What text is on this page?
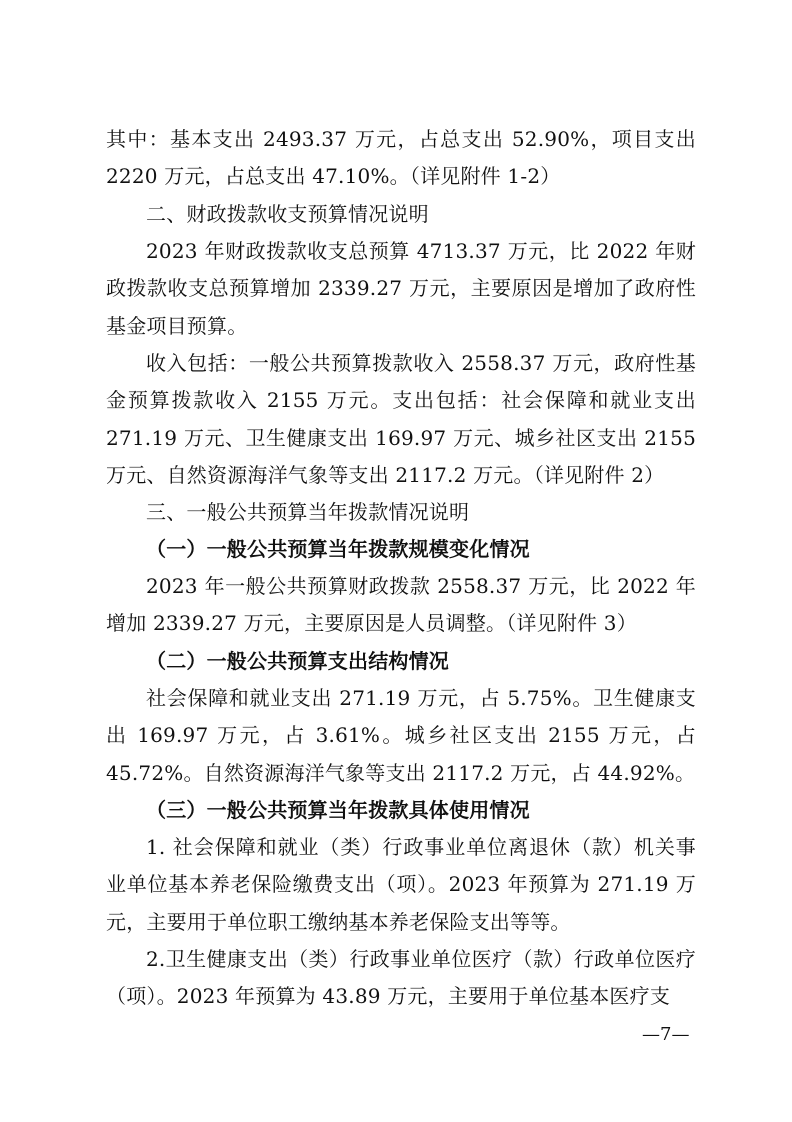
其中：基本支出 2493.37 万元，占总支出 52.90%，项目支出 2220 万元，占总支出 47.10%。（详见附件 1-2）

二、财政拨款收支预算情况说明

2023 年财政拨款收支总预算 4713.37 万元，比 2022 年财政拨款收支总预算增加 2339.27 万元，主要原因是增加了政府性基金项目预算。

收入包括：一般公共预算拨款收入 2558.37 万元，政府性基金预算拨款收入 2155 万元。支出包括：社会保障和就业支出 271.19 万元、卫生健康支出 169.97 万元、城乡社区支出 2155 万元、自然资源海洋气象等支出 2117.2 万元。（详见附件 2）

三、一般公共预算当年拨款情况说明

（一）一般公共预算当年拨款规模变化情况

2023 年一般公共预算财政拨款 2558.37 万元，比 2022 年增加 2339.27 万元，主要原因是人员调整。（详见附件 3）

（二）一般公共预算支出结构情况

社会保障和就业支出 271.19 万元，占 5.75%。卫生健康支出 169.97 万元，占 3.61%。城乡社区支出 2155 万元，占 45.72%。自然资源海洋气象等支出 2117.2 万元，占 44.92%。

（三）一般公共预算当年拨款具体使用情况

1. 社会保障和就业（类）行政事业单位离退休（款）机关事业单位基本养老保险缴费支出（项）。2023 年预算为 271.19 万元，主要用于单位职工缴纳基本养老保险支出等等。

2.卫生健康支出（类）行政事业单位医疗（款）行政单位医疗（项）。2023 年预算为 43.89 万元，主要用于单位基本医疗支

—7—
